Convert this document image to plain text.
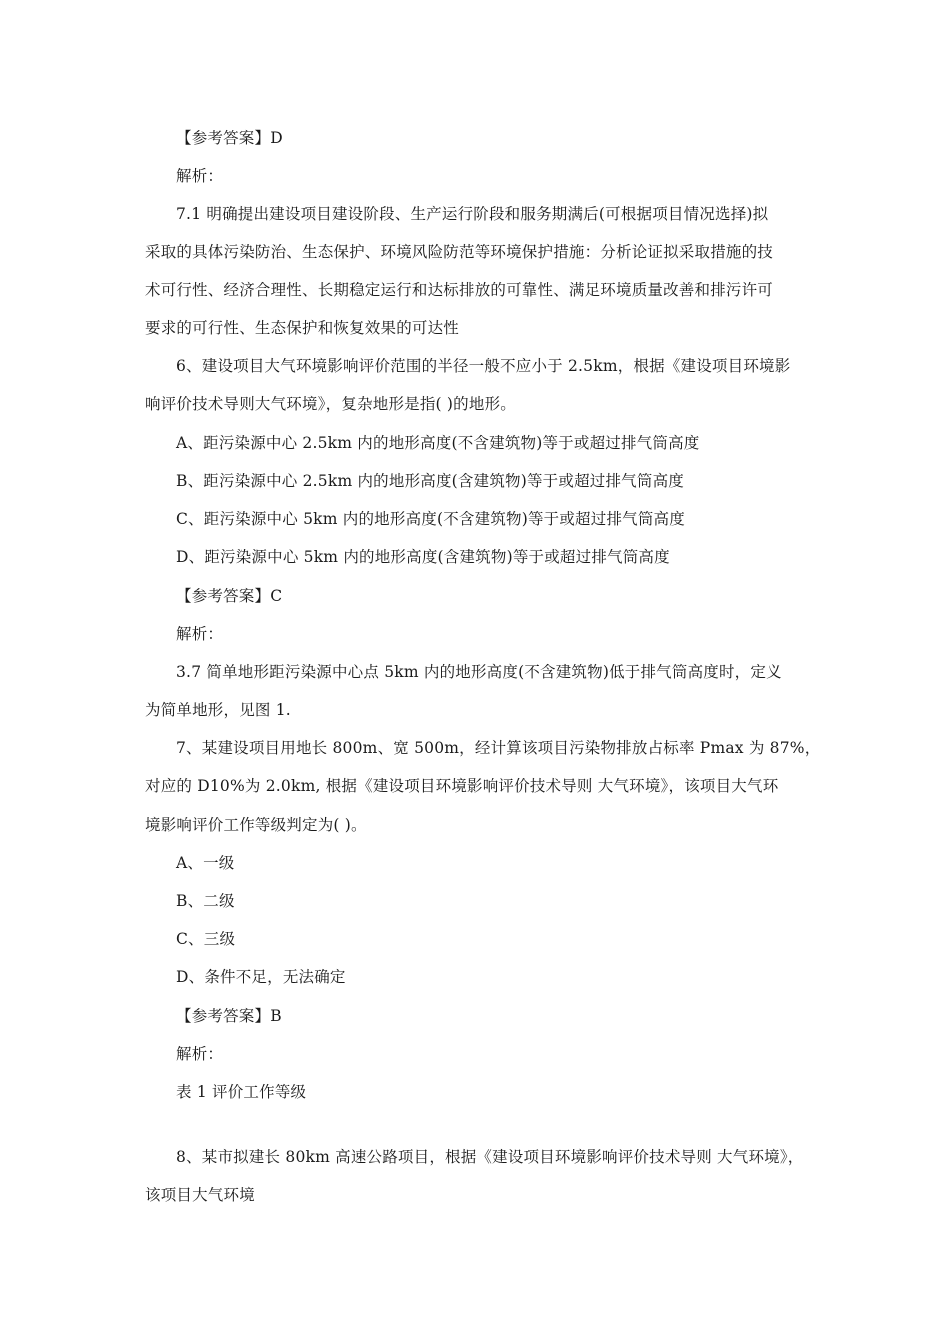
【参考答案】D
解析：
7.1 明确提出建设项目建设阶段、生产运行阶段和服务期满后(可根据项目情况选择)拟
采取的具体污染防治、生态保护、环境风险防范等环境保护措施：分析论证拟采取措施的技
术可行性、经济合理性、长期稳定运行和达标排放的可靠性、满足环境质量改善和排污许可
要求的可行性、生态保护和恢复效果的可达性
6、建设项目大气环境影响评价范围的半径一般不应小于 2.5km，根据《建设项目环境影
响评价技术导则大气环境》，复杂地形是指( )的地形。
A、距污染源中心 2.5km 内的地形高度(不含建筑物)等于或超过排气筒高度
B、距污染源中心 2.5km 内的地形高度(含建筑物)等于或超过排气筒高度
C、距污染源中心 5km 内的地形高度(不含建筑物)等于或超过排气筒高度
D、距污染源中心 5km 内的地形高度(含建筑物)等于或超过排气筒高度
【参考答案】C
解析：
3.7 简单地形距污染源中心点 5km 内的地形高度(不含建筑物)低于排气筒高度时，定义
为简单地形，见图 1.
7、某建设项目用地长 800m、宽 500m，经计算该项目污染物排放占标率 Pmax 为 87%，
对应的 D10%为 2.0km, 根据《建设项目环境影响评价技术导则 大气环境》，该项目大气环
境影响评价工作等级判定为( )。
A、一级
B、二级
C、三级
D、条件不足，无法确定
【参考答案】B
解析：
表 1 评价工作等级
8、某市拟建长 80km 高速公路项目，根据《建设项目环境影响评价技术导则 大气环境》，
该项目大气环境
